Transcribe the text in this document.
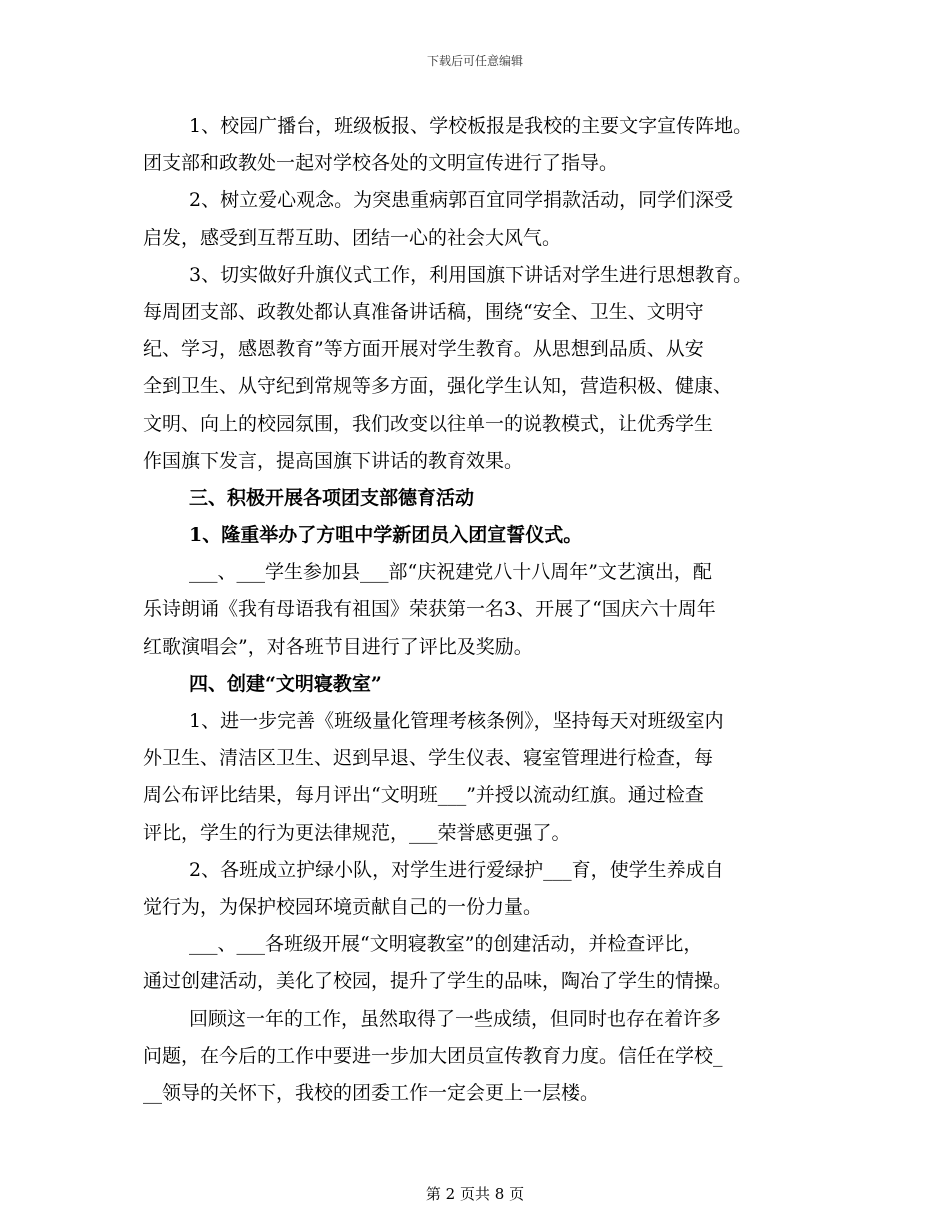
下载后可任意编辑
1、校园广播台，班级板报、学校板报是我校的主要文字宣传阵地。
团支部和政教处一起对学校各处的文明宣传进行了指导。
2、树立爱心观念。为突患重病郭百宜同学捐款活动，同学们深受
启发，感受到互帮互助、团结一心的社会大风气。
3、切实做好升旗仪式工作，利用国旗下讲话对学生进行思想教育。
每周团支部、政教处都认真准备讲话稿，围绕“安全、卫生、文明守
纪、学习，感恩教育”等方面开展对学生教育。从思想到品质、从安
全到卫生、从守纪到常规等多方面，强化学生认知，营造积极、健康、
文明、向上的校园氛围，我们改变以往单一的说教模式，让优秀学生
作国旗下发言，提高国旗下讲话的教育效果。
三、积极开展各项团支部德育活动
1、隆重举办了方咀中学新团员入团宣誓仪式。
___、___学生参加县___部“庆祝建党八十八周年”文艺演出，配
乐诗朗诵《我有母语我有祖国》荣获第一名3、开展了“国庆六十周年
红歌演唱会”，对各班节目进行了评比及奖励。
四、创建“文明寝教室”
1、进一步完善《班级量化管理考核条例》，坚持每天对班级室内
外卫生、清洁区卫生、迟到早退、学生仪表、寝室管理进行检查，每
周公布评比结果，每月评出“文明班___”并授以流动红旗。通过检查
评比，学生的行为更法律规范，___荣誉感更强了。
2、各班成立护绿小队，对学生进行爱绿护___育，使学生养成自
觉行为，为保护校园环境贡献自己的一份力量。
___、___各班级开展“文明寝教室”的创建活动，并检查评比，
通过创建活动，美化了校园，提升了学生的品味，陶冶了学生的情操。
回顾这一年的工作，虽然取得了一些成绩，但同时也存在着许多
问题，在今后的工作中要进一步加大团员宣传教育力度。信任在学校_
__领导的关怀下，我校的团委工作一定会更上一层楼。
第 2 页共 8 页
